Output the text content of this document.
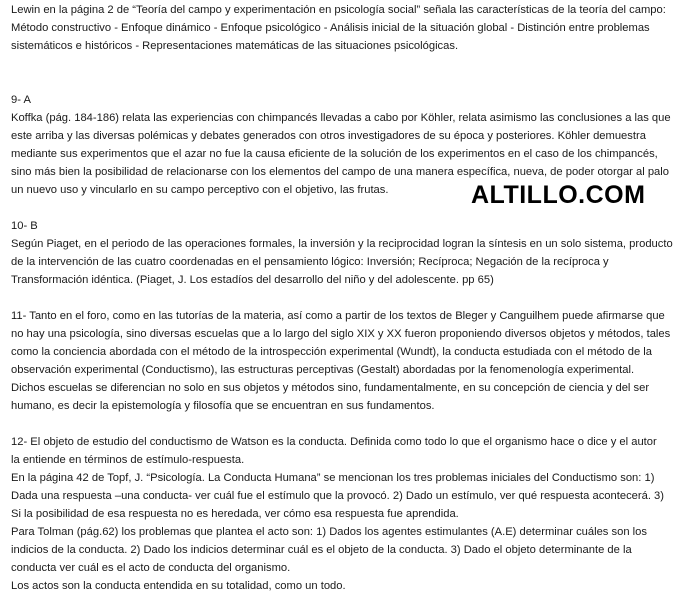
Lewin en la página 2 de “Teoría del campo y experimentación en psicología social” señala las características de la teoría del campo:
Método constructivo - Enfoque dinámico - Enfoque psicológico - Análisis inicial de la situación global - Distinción entre problemas
sistemáticos e históricos - Representaciones matemáticas de las situaciones psicológicas.
9- A
Koffka (pág. 184-186) relata las experiencias con chimpancés llevadas a cabo por Köhler, relata asimismo las conclusiones a las que
este arriba y las diversas polémicas y debates generados con otros investigadores de su época y posteriores. Köhler demuestra
mediante sus experimentos que el azar no fue la causa eficiente de la solución de los experimentos en el caso de los chimpancés,
sino más bien la posibilidad de relacionarse con los elementos del campo de una manera específica, nueva, de poder otorgar al palo
un nuevo uso y vincularlo en su campo perceptivo con el objetivo, las frutas.
10- B
Según Piaget, en el periodo de las operaciones formales, la inversión y la reciprocidad logran la síntesis en un solo sistema, producto
de la intervención de las cuatro coordenadas en el pensamiento lógico: Inversión; Recíproca; Negación de la recíproca y
Transformación idéntica. (Piaget, J. Los estadíos del desarrollo del niño y del adolescente. pp 65)
11- Tanto en el foro, como en las tutorías de la materia, así como a partir de los textos de Bleger y Canguilhem puede afirmarse que
no hay una psicología, sino diversas escuelas que a lo largo del siglo XIX y XX fueron proponiendo diversos objetos y métodos, tales
como la conciencia abordada con el método de la introspección experimental (Wundt), la conducta estudiada con el método de la
observación experimental (Conductismo), las estructuras perceptivas (Gestalt) abordadas por la fenomenología experimental.
Dichos escuelas se diferencian no solo en sus objetos y métodos sino, fundamentalmente, en su concepción de ciencia y del ser
humano, es decir la epistemología y filosofía que se encuentran en sus fundamentos.
12- El objeto de estudio del conductismo de Watson es la conducta. Definida como todo lo que el organismo hace o dice y el autor
la entiende en términos de estímulo-respuesta.
En la página 42 de Topf, J. “Psicología. La Conducta Humana” se mencionan los tres problemas iniciales del Conductismo son: 1)
Dada una respuesta –una conducta- ver cuál fue el estímulo que la provocó. 2) Dado un estímulo, ver qué respuesta acontecerá. 3)
Si la posibilidad de esa respuesta no es heredada, ver cómo esa respuesta fue aprendida.
Para Tolman (pág.62) los problemas que plantea el acto son: 1) Dados los agentes estimulantes (A.E) determinar cuáles son los
indicios de la conducta. 2) Dado los indicios determinar cuál es el objeto de la conducta. 3) Dado el objeto determinante de la
conducta ver cuál es el acto de conducta del organismo.
Los actos son la conducta entendida en su totalidad, como un todo.
ALTILLO.COM
